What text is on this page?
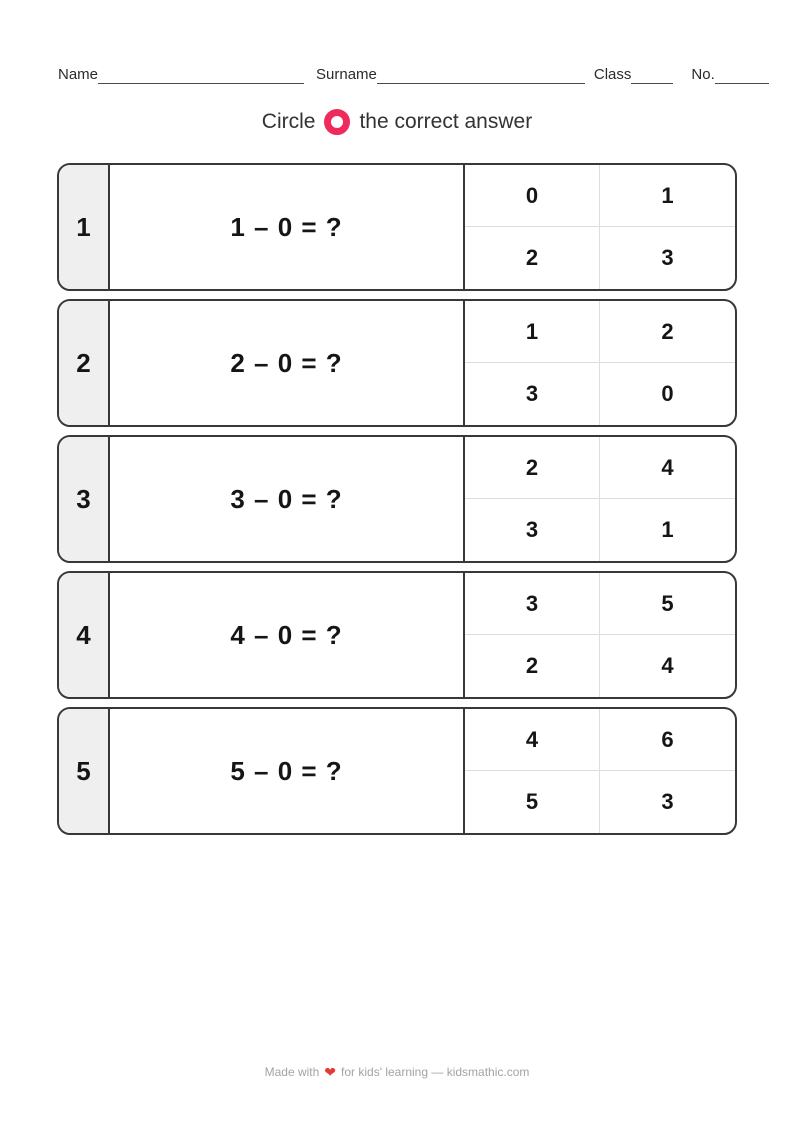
Name	Surname	Class	No.
Circle the correct answer
1	1 – 0 = ?
0	1
2	3
2	2 – 0 = ?
1	2
3	0
3	3 – 0 = ?
2	4
3	1
4	4 – 0 = ?
3	5
2	4
5	5 – 0 = ?
4	6
5	3
Made with ❤ for kids' learning — kidsmathic.com
